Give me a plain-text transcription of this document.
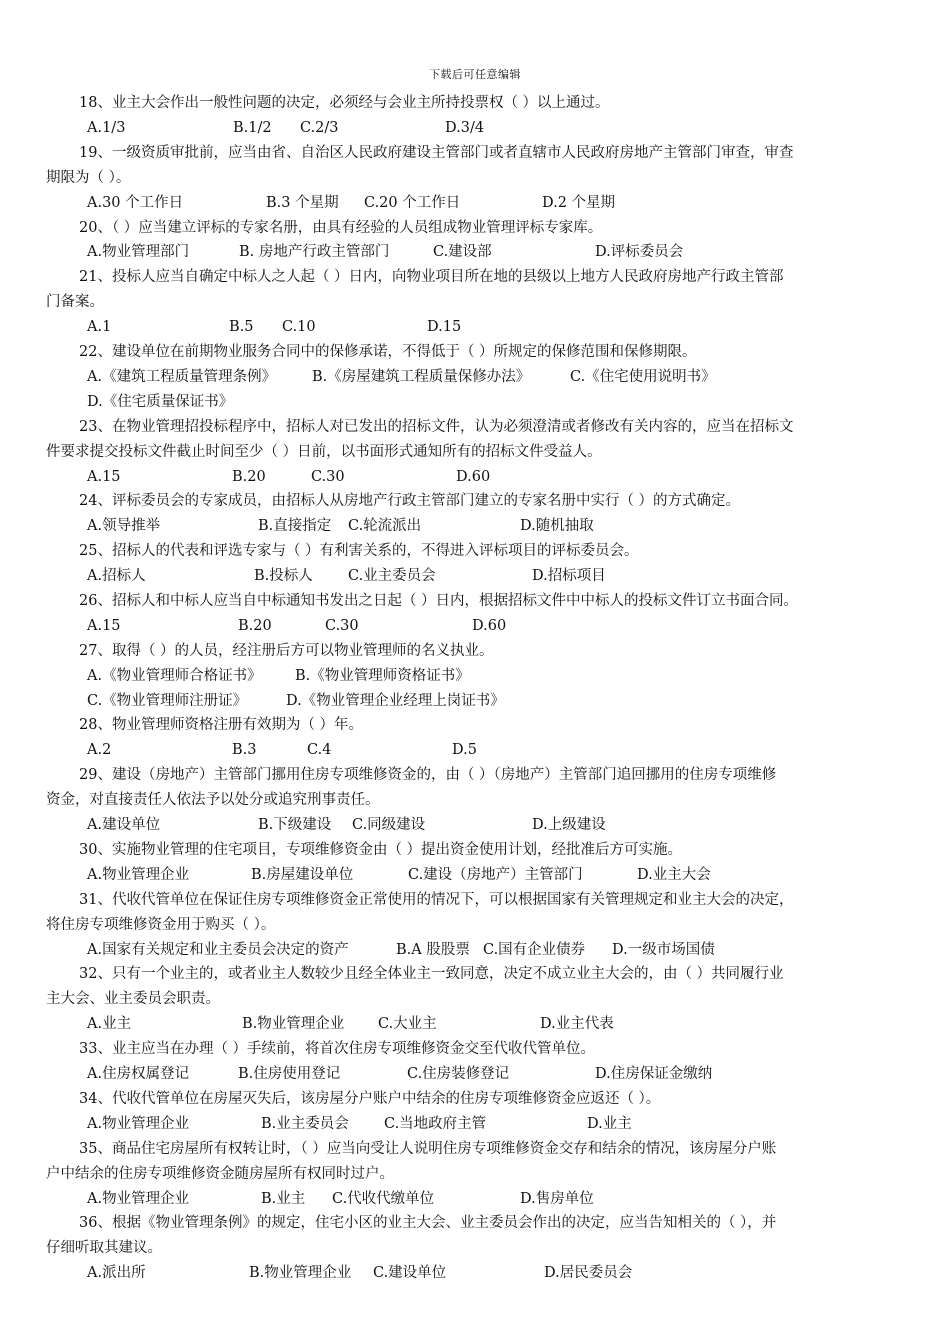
下载后可任意编辑
18、业主大会作出一般性问题的决定，必须经与会业主所持投票权（ ）以上通过。
A.1/3	B.1/2 C.2/3	D.3/4
19、一级资质审批前，应当由省、自治区人民政府建设主管部门或者直辖市人民政府房地产主管部门审查，审查
期限为（ ）。
A.30 个工作日	B.3 个星期 C.20 个工作日	D.2 个星期
20、（ ）应当建立评标的专家名册，由具有经验的人员组成物业管理评标专家库。
A.物业管理部门	B. 房地产行政主管部门	C.建设部	D.评标委员会
21、投标人应当自确定中标人之人起（ ）日内，向物业项目所在地的县级以上地方人民政府房地产行政主管部
门备案。
A.1	B.5 C.10	D.15
22、建设单位在前期物业服务合同中的保修承诺，不得低于（ ）所规定的保修范围和保修期限。
A.《建筑工程质量管理条例》 B.《房屋建筑工程质量保修办法》	C.《住宅使用说明书》
D.《住宅质量保证书》
23、在物业管理招投标程序中，招标人对已发出的招标文件，认为必须澄清或者修改有关内容的，应当在招标文
件要求提交投标文件截止时间至少（ ）日前，以书面形式通知所有的招标文件受益人。
A.15	B.20	C.30	D.60
24、评标委员会的专家成员，由招标人从房地产行政主管部门建立的专家名册中实行（ ）的方式确定。
A.领导推举	B.直接指定 C.轮流派出	D.随机抽取
25、招标人的代表和评选专家与（ ）有利害关系的，不得进入评标项目的评标委员会。
A.招标人	B.投标人 C.业主委员会	D.招标项目
26、招标人和中标人应当自中标通知书发出之日起（ ）日内，根据招标文件中中标人的投标文件订立书面合同。
A.15	B.20	C.30	D.60
27、取得（ ）的人员，经注册后方可以物业管理师的名义执业。
A.《物业管理师合格证书》 B.《物业管理师资格证书》
C.《物业管理师注册证》	D.《物业管理企业经理上岗证书》
28、物业管理师资格注册有效期为（ ）年。
A.2	B.3	C.4	D.5
29、建设（房地产）主管部门挪用住房专项维修资金的，由（ ）（房地产）主管部门追回挪用的住房专项维修
资金，对直接责任人依法予以处分或追究刑事责任。
A.建设单位	B.下级建设 C.同级建设	D.上级建设
30、实施物业管理的住宅项目，专项维修资金由（ ）提出资金使用计划，经批准后方可实施。
A.物业管理企业	B.房屋建设单位	C.建设（房地产）主管部门	D.业主大会
31、代收代管单位在保证住房专项维修资金正常使用的情况下，可以根据国家有关管理规定和业主大会的决定，
将住房专项维修资金用于购买（ ）。
A.国家有关规定和业主委员会决定的资产	B.A 股股票 C.国有企业债券 D.一级市场国债
32、只有一个业主的，或者业主人数较少且经全体业主一致同意，决定不成立业主大会的，由（ ）共同履行业
主大会、业主委员会职责。
A.业主	B.物业管理企业 C.大业主	D.业主代表
33、业主应当在办理（ ）手续前，将首次住房专项维修资金交至代收代管单位。
A.住房权属登记	B.住房使用登记	C.住房装修登记	D.住房保证金缴纳
34、代收代管单位在房屋灭失后，该房屋分户账户中结余的住房专项维修资金应返还（ ）。
A.物业管理企业	B.业主委员会 C.当地政府主管	D.业主
35、商品住宅房屋所有权转让时，（ ）应当向受让人说明住房专项维修资金交存和结余的情况，该房屋分户账
户中结余的住房专项维修资金随房屋所有权同时过户。
A.物业管理企业	B.业主 C.代收代缴单位	D.售房单位
36、根据《物业管理条例》的规定，住宅小区的业主大会、业主委员会作出的决定，应当告知相关的（ ），并
仔细听取其建议。
A.派出所	B.物业管理企业 C.建设单位	D.居民委员会
